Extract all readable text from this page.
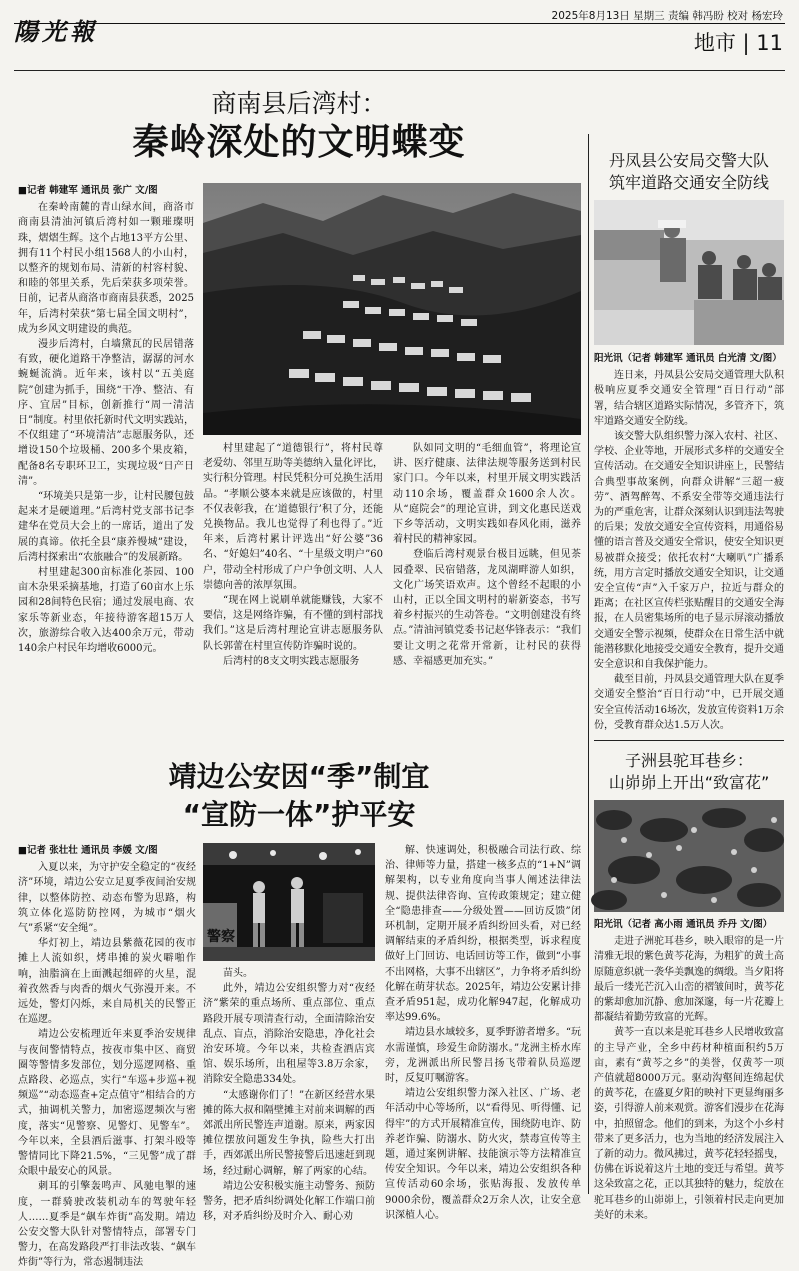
陽光報
2025年8月13日 星期三 责编 韩冯盼 校对 杨宏玲
地市 | 11
商南县后湾村：
秦岭深处的文明蝶变
■记者 韩建军 通讯员 张广 文/图

在秦岭南麓的青山绿水间，商洛市商南县清油河镇后湾村如一颗璀璨明珠，熠熠生辉。这个占地13平方公里、拥有11个村民小组1568人的小山村，以整齐的规划布局、清新的村容村貌、和睦的邻里关系，先后荣获多项荣誉。日前，记者从商洛市商南县获悉，2025年，后湾村荣获“第七届全国文明村”，成为乡风文明建设的典范。

漫步后湾村，白墙黛瓦的民居错落有致，硬化道路干净整洁，潺潺的河水蜿蜒流淌。近年来，该村以“五美庭院”创建为抓手，围绕“干净、整洁、有序、宜居”目标，创新推行“周一清洁日”制度。村里依托新时代文明实践站，不仅组建了“环境清洁”志愿服务队，还增设150个垃圾桶、200多个果皮箱，配备8名专职环卫工，实现垃圾“日产日清”。

“环境美只是第一步，让村民腰包鼓起来才是硬道理。”后湾村党支部书记李建华在党员大会上的一席话，道出了发展的真谛。依托全县“康养慢城”建设，后湾村探索出“农旅融合”的发展新路。

村里建起300亩标准化茶园、100亩木杂果采摘基地，打造了60亩水上乐园和28间特色民宿；通过发展电商、农家乐等新业态，年接待游客超15万人次，旅游综合收入达400余万元，带动140余户村民年均增收6000元。

村里建起了“道德银行”，将村民尊老爱幼、邻里互助等美德纳入量化评比，实行积分管理。村民凭积分可兑换生活用品。“孝顺公婆本来就是应该做的，村里不仅表彰我，在‘道德银行’积了分，还能兑换物品。我儿也觉得了利也得了。”近年来，后湾村累计评选出“好公婆”36名、“好媳妇”40名、“十星级文明户”60户，带动全村形成了户户争创文明、人人崇德向善的浓厚氛围。

“现在网上说刷单就能赚钱，大家不要信，这是网络诈骗，有不懂的到村部找我们。”这是后湾村理论宣讲志愿服务队队长郭蕾在村里宣传防诈骗时说的。

后湾村的8支文明实践志愿服务

队如同文明的“毛细血管”，将理论宣讲、医疗健康、法律法规等服务送到村民家门口。今年以来，村里开展文明实践活动110余场，覆盖群众1600余人次。从“庭院会”的理论宣讲，到文化惠民送戏下乡等活动，文明实践如春风化雨，滋养着村民的精神家园。

登临后湾村观景台极目远眺，但见茶园叠翠、民宿错落，龙凤湖畔游人如织，文化广场笑语欢声。这个曾经不起眼的小山村，正以全国文明村的崭新姿态，书写着乡村振兴的生动答卷。“文明创建没有终点。”清油河镇党委书记赵华锋表示：“我们要让文明之花常开常新，让村民的获得感、幸福感更加充实。”

靖边公安因“季”制宜
“宣防一体”护平安
■记者 张壮壮 通讯员 李媛 文/图

入夏以来，为守护安全稳定的“夜经济”环境，靖边公安立足夏季夜间治安规律，以整体防控、动态布警为思路，构筑立体化巡防防控网，为城市“烟火气”系紧“安全绳”。

华灯初上，靖边县紫薇花园的夜市摊上人流如织，烤串摊的炭火噼啪作响，油脂滴在上面溅起细碎的火星，混着孜然香与肉香的烟火气弥漫开来。不远处，警灯闪烁，来自局机关的民警正在巡逻。

靖边公安梳理近年来夏季治安规律与夜间警情特点，按夜市集中区、商贸圈等警情多发部位，划分巡逻网格、重点路段、必巡点，实行“车巡+步巡+视频巡”“动态巡查+定点值守”相结合的方式，抽调机关警力，加密巡逻频次与密度，落实“见警察、见警灯、见警车”。今年以来，全县酒后滋事、打架斗殴等警情同比下降21.5%，“三见警”成了群众眼中最安心的风景。

刺耳的引擎轰鸣声、风驰电掣的速度，一群骑驶改装机动车的驾驶年轻人……夏季是“飙车炸街”高发期。靖边公安交警大队针对警情特点，部署专门警力，在高发路段严打非法改装、“飙车炸街”等行为，常态遏制违法

警察

苗头。

此外，靖边公安组织警力对“夜经济”紫荣的重点场所、重点部位、重点路段开展专项清查行动，全面清除治安乱点、盲点，消除治安隐患，净化社会治安环境。今年以来，共检查酒店宾馆、娱乐场所，出租屋等3.8万余家，消除安全隐患334处。

“太感谢你们了！”在新区经营水果摊的陈大叔和隔壁摊主对前来调解的西郊派出所民警连声道谢。原来，两家因摊位摆放问题发生争执，险些大打出手，西郊派出所民警接警后迅速赶到现场，经过耐心调解，解了两家的心结。

靖边公安积极实施主动警务、预防警务，把矛盾纠纷调处化解工作端口前移，对矛盾纠纷及时介入、耐心劝

解、快速调处，积极融合司法行政、综治、律师等力量，搭建一核多点的“1+N”调解架构，以专业角度向当事人阐述法律法规、提供法律咨询、宣传政策规定；建立健全“隐患排查——分级处置——回访反馈”闭环机制，定期开展矛盾纠纷回头看，对已经调解结束的矛盾纠纷，根据类型，诉求程度做好上门回访、电话回访等工作，做到“小事不出网格，大事不出辖区”，力争将矛盾纠纷化解在萌芽状态。2025年，靖边公安累计排查矛盾951起，成功化解947起，化解成功率达99.6%。

靖边县水域较多，夏季野游者增多。“玩水需谨慎，珍爱生命防溺水。”龙洲主桥水库旁，龙洲派出所民警吕扬飞带着队员巡逻时，反复叮嘱游客。

靖边公安组织警力深入社区、广场、老年活动中心等场所，以“看得见、听得懂、记得牢”的方式开展精准宣传，围绕防电诈、防养老诈骗、防溺水、防火灾，禁毒宣传等主题，通过案例讲解、技能演示等方法精准宣传安全知识。今年以来，靖边公安组织各种宣传活动60余场，张贴海报、发放传单9000余份，覆盖群众2万余人次，让安全意识深植人心。

丹凤县公安局交警大队
筑牢道路交通安全防线
阳光讯（记者 韩建军 通讯员 白光清 文/图）

连日来，丹凤县公安局交通管理大队积极响应夏季交通安全管理“百日行动”部署，结合辖区道路实际情况，多管齐下，筑牢道路交通安全防线。

该交警大队组织警力深入农村、社区、学校、企业等地，开展形式多样的交通安全宣传活动。在交通安全知识讲座上，民警结合典型事故案例，向群众讲解“三超一疲劳”、酒驾醉驾、不系安全带等交通违法行为的严重危害，让群众深刻认识到违法驾驶的后果；发放交通安全宣传资料，用通俗易懂的语言普及交通安全常识，使安全知识更易被群众接受；依托农村“大喇叭”广播系统，用方言定时播放交通安全知识，让交通安全宣传“声”入千家万户，拉近与群众的距离；在社区宣传栏张贴醒目的交通安全海报，在人员密集场所的电子显示屏滚动播放交通安全警示视频，使群众在日常生活中就能潜移默化地接受交通安全教育，提升交通安全意识和自我保护能力。

截至目前，丹凤县交通管理大队在夏季交通安全整治“百日行动”中，已开展交通安全宣传活动16场次，发放宣传资料1万余份，受教育群众达1.5万人次。

子洲县驼耳巷乡：
山峁峁上开出“致富花”
阳光讯（记者 高小雨 通讯员 乔丹 文/图）

走进子洲驼耳巷乡，映入眼帘的是一片清雅无垠的紫色黄芩花海，为粗犷的黄土高原随意织就一袭华美飘逸的绸缎。当夕阳将最后一缕光芒沉入山峦的褶皱间时，黄芩花的紫却愈加沉静、愈加深邃，每一片花瓣上都凝结着勤劳致富的光辉。

黄芩一直以来是驼耳巷乡人民增收致富的主导产业，全乡中药材种植面积约5万亩，素有“黄芩之乡”的美誉，仅黄芩一项产值就超8000万元。驱动沟壑间连绵起伏的黄芩花，在盛夏夕阳的映衬下更显绚丽多姿，引得游人前来观赏。游客们漫步在花海中，拍照留念。他们的到来，为这个小乡村带来了更多活力，也为当地的经济发展注入了新的动力。微风拂过，黄芩花轻轻摇曳，仿佛在诉说着这片土地的变迁与希望。黄芩这朵致富之花，正以其独特的魅力，绽放在驼耳巷乡的山峁峁上，引领着村民走向更加美好的未来。
